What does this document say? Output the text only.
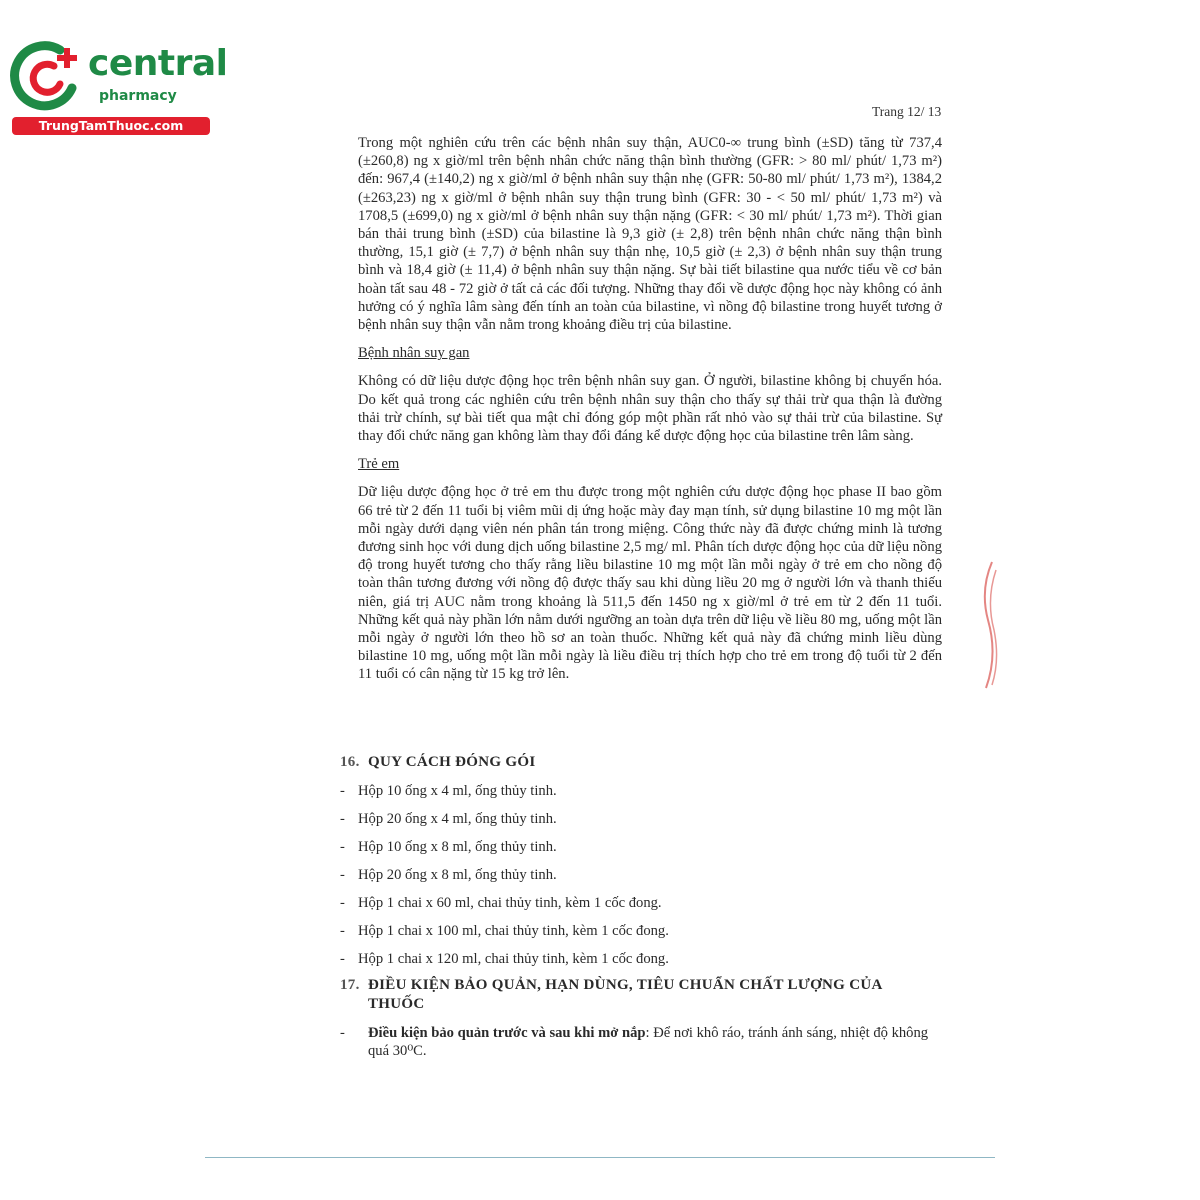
central
pharmacy
TrungTamThuoc.com
Trang 12/ 13

Trong một nghiên cứu trên các bệnh nhân suy thận, AUC0-∞ trung bình (±SD) tăng từ 737,4 (±260,8) ng x giờ/ml trên bệnh nhân chức năng thận bình thường (GFR: > 80 ml/ phút/ 1,73 m²) đến: 967,4 (±140,2) ng x giờ/ml ở bệnh nhân suy thận nhẹ (GFR: 50-80 ml/ phút/ 1,73 m²), 1384,2 (±263,23) ng x giờ/ml ở bệnh nhân suy thận trung bình (GFR: 30 - < 50 ml/ phút/ 1,73 m²) và 1708,5 (±699,0) ng x giờ/ml ở bệnh nhân suy thận nặng (GFR: < 30 ml/ phút/ 1,73 m²). Thời gian bán thải trung bình (±SD) của bilastine là 9,3 giờ (± 2,8) trên bệnh nhân chức năng thận bình thường, 15,1 giờ (± 7,7) ở bệnh nhân suy thận nhẹ, 10,5 giờ (± 2,3) ở bệnh nhân suy thận trung bình và 18,4 giờ (± 11,4) ở bệnh nhân suy thận nặng. Sự bài tiết bilastine qua nước tiểu về cơ bản hoàn tất sau 48 - 72 giờ ở tất cả các đối tượng. Những thay đổi về dược động học này không có ảnh hưởng có ý nghĩa lâm sàng đến tính an toàn của bilastine, vì nồng độ bilastine trong huyết tương ở bệnh nhân suy thận vẫn nằm trong khoảng điều trị của bilastine.

Bệnh nhân suy gan

Không có dữ liệu dược động học trên bệnh nhân suy gan. Ở người, bilastine không bị chuyển hóa. Do kết quả trong các nghiên cứu trên bệnh nhân suy thận cho thấy sự thải trừ qua thận là đường thải trừ chính, sự bài tiết qua mật chỉ đóng góp một phần rất nhỏ vào sự thải trừ của bilastine. Sự thay đổi chức năng gan không làm thay đổi đáng kể dược động học của bilastine trên lâm sàng.

Trẻ em

Dữ liệu dược động học ở trẻ em thu được trong một nghiên cứu dược động học phase II bao gồm 66 trẻ từ 2 đến 11 tuổi bị viêm mũi dị ứng hoặc mày đay mạn tính, sử dụng bilastine 10 mg một lần mỗi ngày dưới dạng viên nén phân tán trong miệng. Công thức này đã được chứng minh là tương đương sinh học với dung dịch uống bilastine 2,5 mg/ ml. Phân tích dược động học của dữ liệu nồng độ trong huyết tương cho thấy rằng liều bilastine 10 mg một lần mỗi ngày ở trẻ em cho nồng độ toàn thân tương đương với nồng độ được thấy sau khi dùng liều 20 mg ở người lớn và thanh thiếu niên, giá trị AUC nằm trong khoảng là 511,5 đến 1450 ng x giờ/ml ở trẻ em từ 2 đến 11 tuổi. Những kết quả này phần lớn nằm dưới ngưỡng an toàn dựa trên dữ liệu về liều 80 mg, uống một lần mỗi ngày ở người lớn theo hồ sơ an toàn thuốc. Những kết quả này đã chứng minh liều dùng bilastine 10 mg, uống một lần mỗi ngày là liều điều trị thích hợp cho trẻ em trong độ tuổi từ 2 đến 11 tuổi có cân nặng từ 15 kg trở lên.

16. QUY CÁCH ĐÓNG GÓI
- Hộp 10 ống x 4 ml, ống thủy tinh.
- Hộp 20 ống x 4 ml, ống thủy tinh.
- Hộp 10 ống x 8 ml, ống thủy tinh.
- Hộp 20 ống x 8 ml, ống thủy tinh.
- Hộp 1 chai x 60 ml, chai thủy tinh, kèm 1 cốc đong.
- Hộp 1 chai x 100 ml, chai thủy tinh, kèm 1 cốc đong.
- Hộp 1 chai x 120 ml, chai thủy tinh, kèm 1 cốc đong.
17. ĐIỀU KIỆN BẢO QUẢN, HẠN DÙNG, TIÊU CHUẨN CHẤT LƯỢNG CỦA
THUỐC
- Điều kiện bảo quản trước và sau khi mở nắp: Để nơi khô ráo, tránh ánh sáng, nhiệt độ không quá 30⁰C.
